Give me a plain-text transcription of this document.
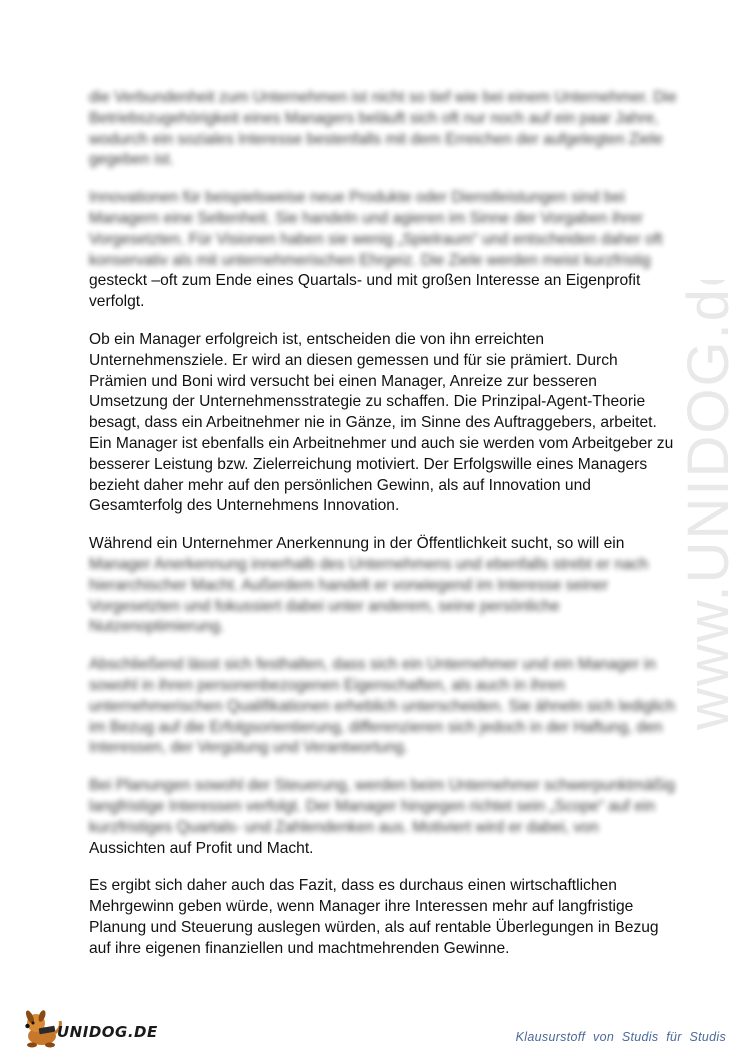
www.UNIDOG.de
die Verbundenheit zum Unternehmen ist nicht so tief wie bei einem Unternehmer. Die
Betriebszugehörigkeit eines Managers beläuft sich oft nur noch auf ein paar Jahre,
wodurch ein soziales Interesse bestenfalls mit dem Erreichen der aufgelegten Ziele
gegeben ist.
Innovationen für beispielsweise neue Produkte oder Dienstleistungen sind bei
Managern eine Seltenheit. Sie handeln und agieren im Sinne der Vorgaben ihrer
Vorgesetzten. Für Visionen haben sie wenig „Spielraum“ und entscheiden daher oft
konservativ als mit unternehmerischen Ehrgeiz. Die Ziele werden meist kurzfristig
gesteckt –oft zum Ende eines Quartals- und mit großen Interesse an Eigenprofit
verfolgt.
Ob ein Manager erfolgreich ist, entscheiden die von ihn erreichten
Unternehmensziele. Er wird an diesen gemessen und für sie prämiert. Durch
Prämien und Boni wird versucht bei einen Manager, Anreize zur besseren
Umsetzung der Unternehmensstrategie zu schaffen. Die Prinzipal-Agent-Theorie
besagt, dass ein Arbeitnehmer nie in Gänze, im Sinne des Auftraggebers, arbeitet.
Ein Manager ist ebenfalls ein Arbeitnehmer und auch sie werden vom Arbeitgeber zu
besserer Leistung bzw. Zielerreichung motiviert. Der Erfolgswille eines Managers
bezieht daher mehr auf den persönlichen Gewinn, als auf Innovation und
Gesamterfolg des Unternehmens Innovation.
Während ein Unternehmer Anerkennung in der Öffentlichkeit sucht, so will ein
Manager Anerkennung innerhalb des Unternehmens und ebenfalls strebt er nach
hierarchischer Macht. Außerdem handelt er vorwiegend im Interesse seiner
Vorgesetzten und fokussiert dabei unter anderem, seine persönliche
Nutzenoptimierung.
Abschließend lässt sich festhalten, dass sich ein Unternehmer und ein Manager in
sowohl in ihren personenbezogenen Eigenschaften, als auch in ihren
unternehmerischen Qualifikationen erheblich unterscheiden. Sie ähneln sich lediglich
im Bezug auf die Erfolgsorientierung, differenzieren sich jedoch in der Haftung, den
Interessen, der Vergütung und Verantwortung.
Bei Planungen sowohl der Steuerung, werden beim Unternehmer schwerpunktmäßig
langfristige Interessen verfolgt. Der Manager hingegen richtet sein „Scope“ auf ein
kurzfristiges Quartals- und Zahlendenken aus. Motiviert wird er dabei, von
Aussichten auf Profit und Macht.
Es ergibt sich daher auch das Fazit, dass es durchaus einen wirtschaftlichen
Mehrgewinn geben würde, wenn Manager ihre Interessen mehr auf langfristige
Planung und Steuerung auslegen würden, als auf rentable Überlegungen in Bezug
auf ihre eigenen finanziellen und machtmehrenden Gewinne.
UNIDOG.DE	Klausurstoff von Studis für Studis
